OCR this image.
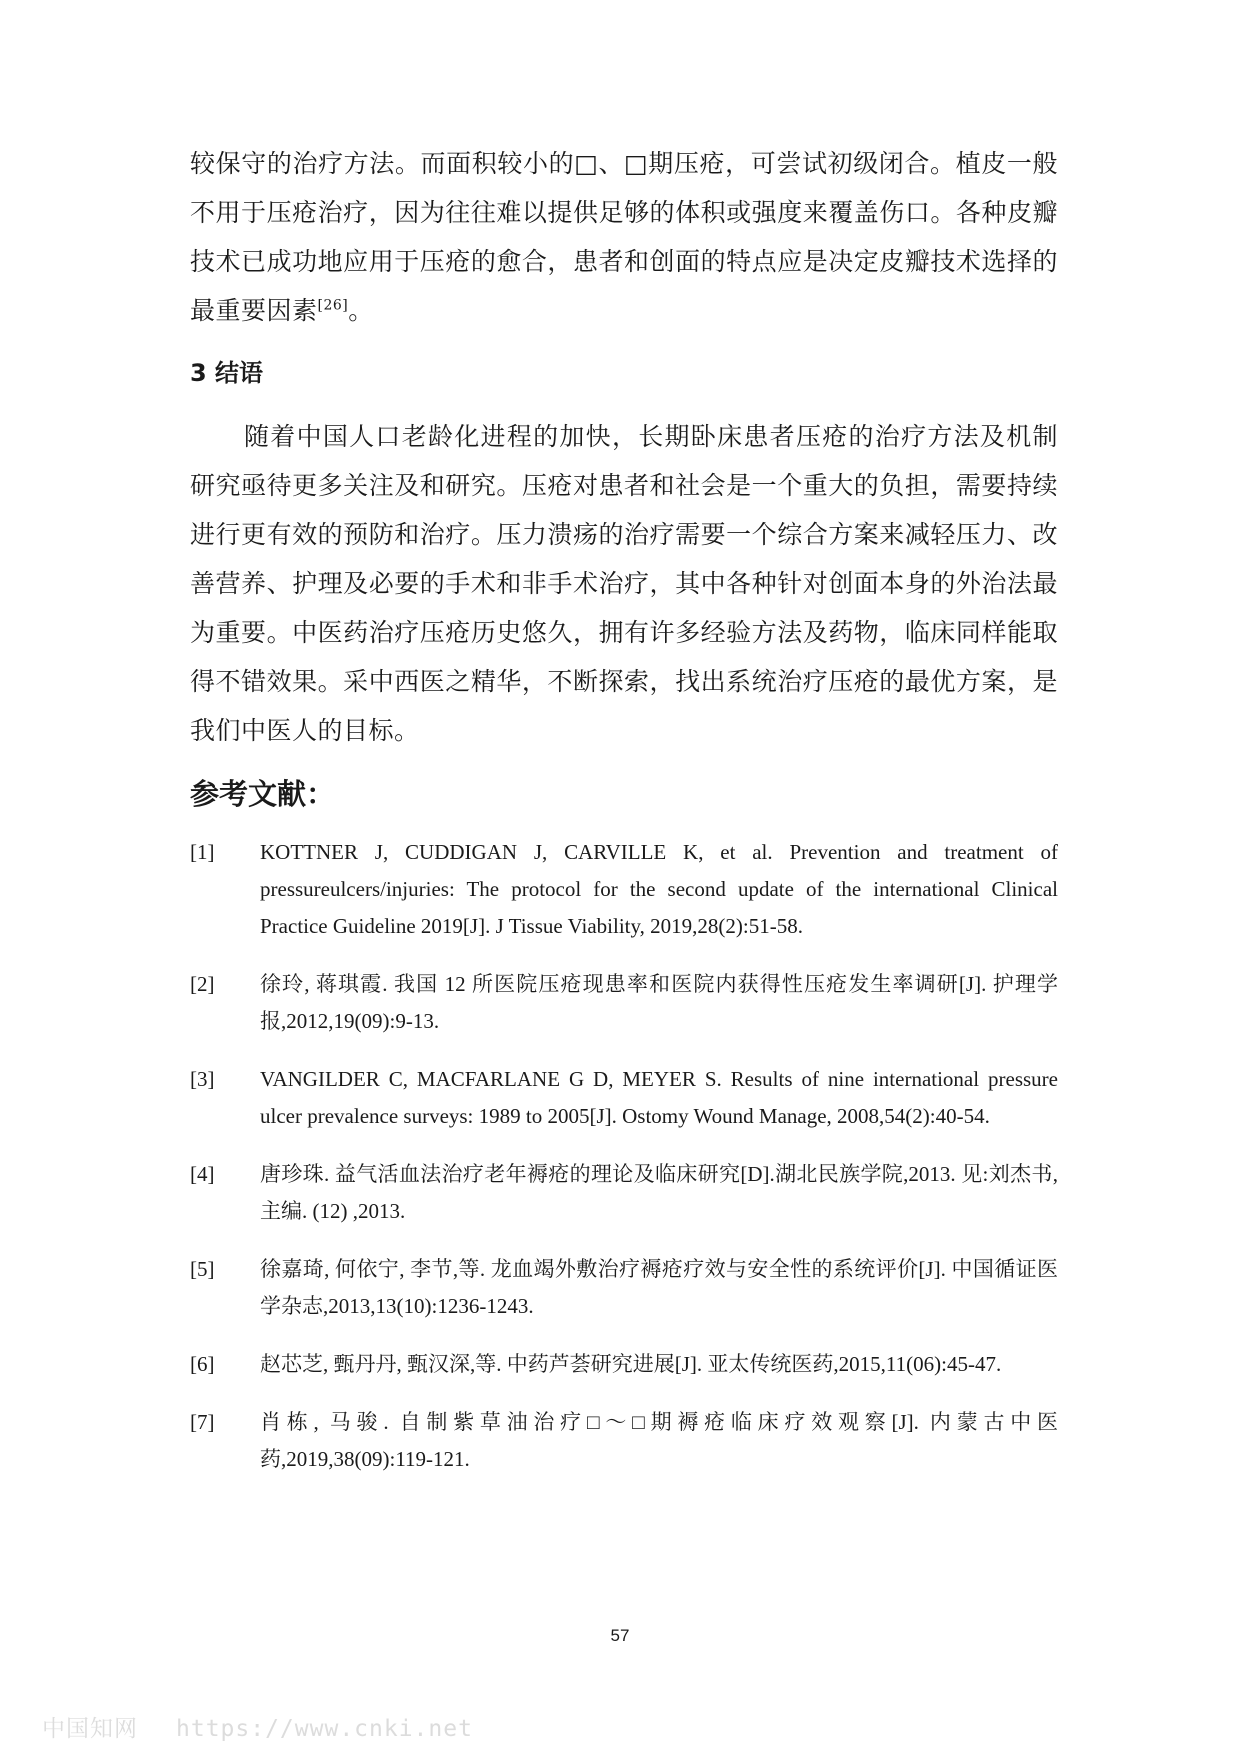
较保守的治疗方法。而面积较小的□、□期压疮，可尝试初级闭合。植皮一般不用于压疮治疗，因为往往难以提供足够的体积或强度来覆盖伤口。各种皮瓣技术已成功地应用于压疮的愈合，患者和创面的特点应是决定皮瓣技术选择的最重要因素[26]。

3 结语

随着中国人口老龄化进程的加快，长期卧床患者压疮的治疗方法及机制研究亟待更多关注及和研究。压疮对患者和社会是一个重大的负担，需要持续进行更有效的预防和治疗。压力溃疡的治疗需要一个综合方案来减轻压力、改善营养、护理及必要的手术和非手术治疗，其中各种针对创面本身的外治法最为重要。中医药治疗压疮历史悠久，拥有许多经验方法及药物，临床同样能取得不错效果。采中西医之精华，不断探索，找出系统治疗压疮的最优方案，是我们中医人的目标。

参考文献：
[1] KOTTNER J, CUDDIGAN J, CARVILLE K, et al. Prevention and treatment of pressureulcers/injuries: The protocol for the second update of the international Clinical Practice Guideline 2019[J]. J Tissue Viability, 2019,28(2):51-58.
[2] 徐玲, 蒋琪霞. 我国 12 所医院压疮现患率和医院内获得性压疮发生率调研[J]. 护理学报,2012,19(09):9-13.
[3] VANGILDER C, MACFARLANE G D, MEYER S. Results of nine international pressure ulcer prevalence surveys: 1989 to 2005[J]. Ostomy Wound Manage, 2008,54(2):40-54.
[4] 唐珍珠. 益气活血法治疗老年褥疮的理论及临床研究[D].湖北民族学院,2013. 见:刘杰书,主编. (12) ,2013.
[5] 徐嘉琦, 何依宁, 李节,等. 龙血竭外敷治疗褥疮疗效与安全性的系统评价[J]. 中国循证医学杂志,2013,13(10):1236-1243.
[6] 赵芯芝, 甄丹丹, 甄汉深,等. 中药芦荟研究进展[J]. 亚太传统医药,2015,11(06):45-47.
[7] 肖栋, 马骏. 自制紫草油治疗□～□期褥疮临床疗效观察[J]. 内蒙古中医药,2019,38(09):119-121.
57
中国知网 https://www.cnki.net
